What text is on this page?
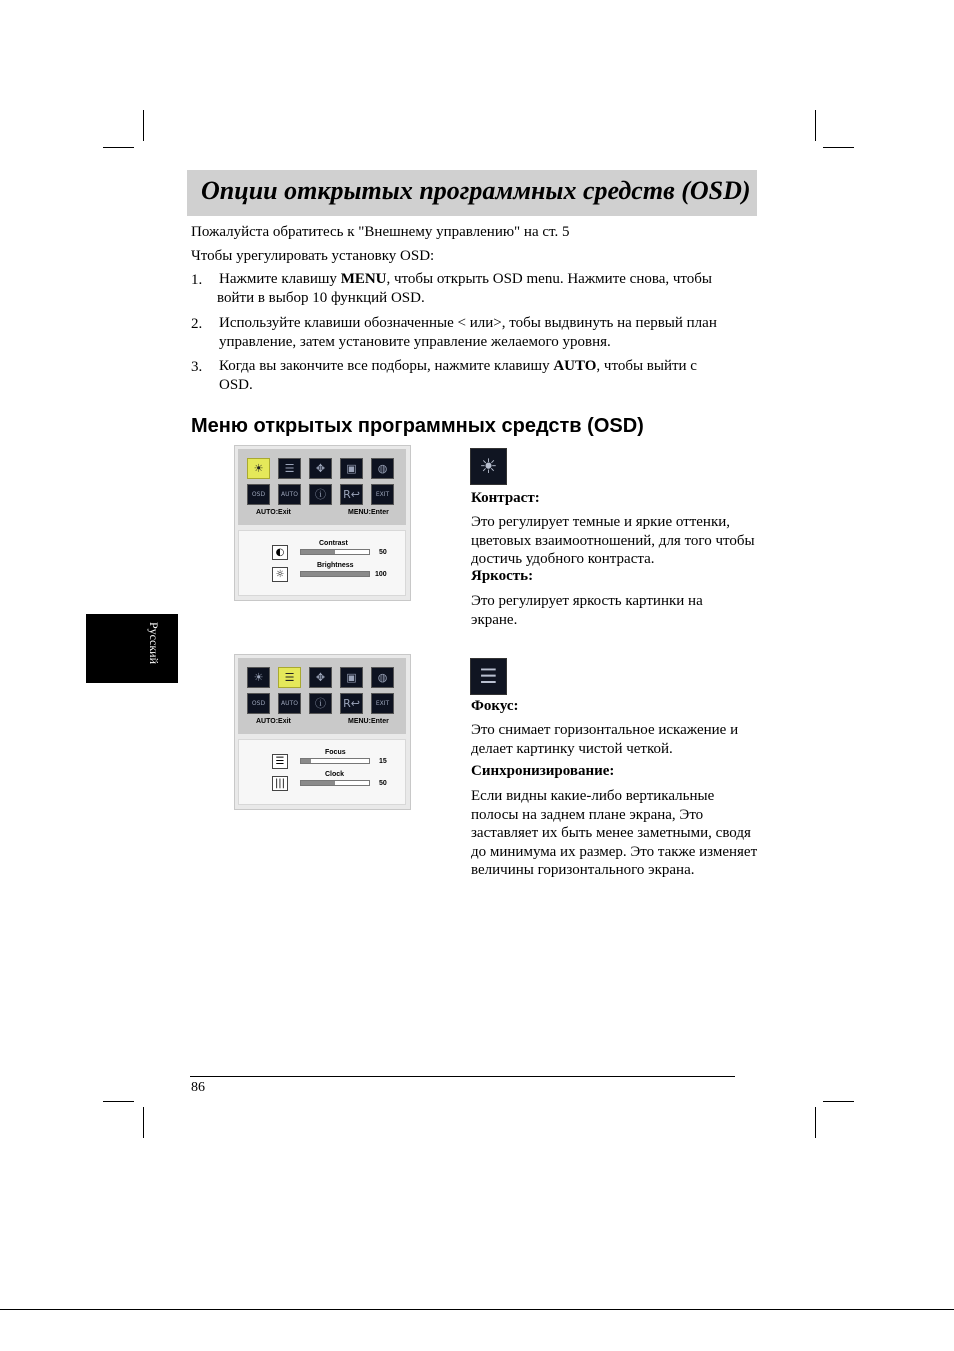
Опции открытых программных средств (OSD)
Пожалуйста обратитесь к "Внешнему управлению" на ст. 5
Чтобы урегулировать установку OSD:
1. Нажмите клавишу MENU, чтобы открыть OSD menu. Нажмите снова, чтобы
войти в выбор 10 функций OSD.
2. Используйте клавиши обозначенные < или>, тобы выдвинуть на первый план
управление, затем установите управление желаемого уровня.
3. Когда вы закончите все подборы, нажмите клавишу AUTO, чтобы выйти с
OSD.
Меню открытых программных средств (OSD)
Русский
☀	☰	✥	▣	◍
OSD	AUTO	ⓘ	R↩	EXIT
AUTO:Exit	MENU:Enter
◐
Contrast
50
☼
Brightness
100
☀	☰	✥	▣	◍
OSD	AUTO	ⓘ	R↩	EXIT
AUTO:Exit	MENU:Enter
☰
Focus
15
|||
Clock
50
☀
Контраст:
Это регулирует темные и яркие оттенки, цветовых взаимоотношений, для того чтобы достичь удобного контраста.
Яркость:
Это регулирует яркость картинки на экране.
☰
Фокус:
Это снимает горизонтальное искажение и делает картинку чистой четкой.
Синхронизирование:
Если видны какие-либо вертикальные полосы на заднем плане экрана, Это заставляет их быть менее заметными, сводя до минимума их размер. Это также изменяет величины горизонтального экрана.
86
